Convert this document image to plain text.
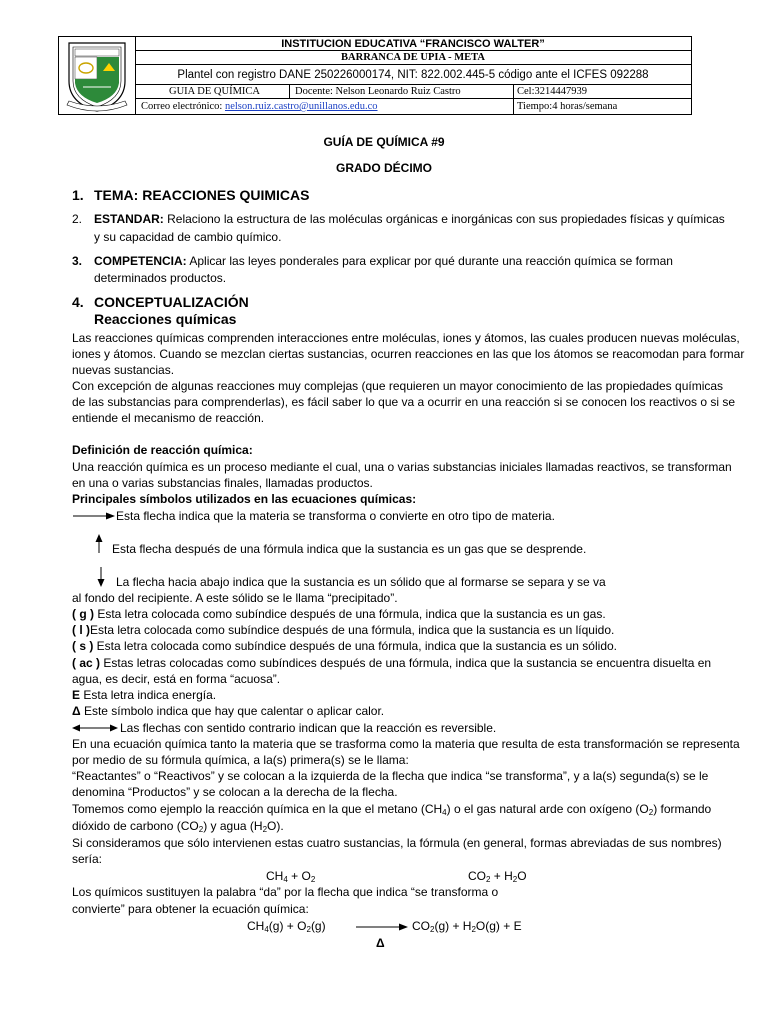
INSTITUCION EDUCATIVA “FRANCISCO WALTER”
BARRANCA DE UPIA - META
Plantel con registro DANE 250226000174, NIT: 822.002.445-5 código ante el ICFES 092288
GUIA DE QUÍMICA	Docente: Nelson Leonardo Ruiz Castro	Cel:3214447939
Correo electrónico: nelson.ruiz.castro@unillanos.edu.co	Tiempo:4 horas/semana
GUÍA DE QUÍMICA #9
GRADO DÉCIMO
1. TEMA: REACCIONES QUIMICAS
2. ESTANDAR: Relaciono la estructura de las moléculas orgánicas e inorgánicas con sus propiedades físicas y químicas
y su capacidad de cambio químico.
3. COMPETENCIA: Aplicar las leyes ponderales para explicar por qué durante una reacción química se forman
determinados productos.
4. CONCEPTUALIZACIÓN
Reacciones químicas
Las reacciones químicas comprenden interacciones entre moléculas, iones y átomos, las cuales producen nuevas moléculas,
iones y átomos. Cuando se mezclan ciertas sustancias, ocurren reacciones en las que los átomos se reacomodan para formar
nuevas sustancias.
Con excepción de algunas reacciones muy complejas (que requieren un mayor conocimiento de las propiedades químicas
de las substancias para comprenderlas), es fácil saber lo que va a ocurrir en una reacción si se conocen los reactivos o si se
entiende el mecanismo de reacción.
Definición de reacción química:
Una reacción química es un proceso mediante el cual, una o varias substancias iniciales llamadas reactivos, se transforman
en una o varias substancias finales, llamadas productos.
Principales símbolos utilizados en las ecuaciones químicas:
Esta flecha indica que la materia se transforma o convierte en otro tipo de materia.
Esta flecha después de una fórmula indica que la sustancia es un gas que se desprende.
La flecha hacia abajo indica que la sustancia es un sólido que al formarse se separa y se va
al fondo del recipiente. A este sólido se le llama “precipitado”.
( g ) Esta letra colocada como subíndice después de una fórmula, indica que la sustancia es un gas.
( l )Esta letra colocada como subíndice después de una fórmula, indica que la sustancia es un líquido.
( s ) Esta letra colocada como subíndice después de una fórmula, indica que la sustancia es un sólido.
( ac ) Estas letras colocadas como subíndices después de una fórmula, indica que la sustancia se encuentra disuelta en
agua, es decir, está en forma “acuosa”.
E Esta letra indica energía.
Δ Este símbolo indica que hay que calentar o aplicar calor.
Las flechas con sentido contrario indican que la reacción es reversible.
En una ecuación química tanto la materia que se trasforma como la materia que resulta de esta transformación se representa
por medio de su fórmula química, a la(s) primera(s) se le llama:
“Reactantes” o “Reactivos” y se colocan a la izquierda de la flecha que indica “se transforma”, y a la(s) segunda(s) se le
denomina “Productos” y se colocan a la derecha de la flecha.
Tomemos como ejemplo la reacción química en la que el metano $(CH_4)$ o el gas natural arde con oxígeno $(O_2)$ formando
dióxido de carbono $(CO_2)$ y agua $(H_2O)$.
Si consideramos que sólo intervienen estas cuatro sustancias, la fórmula (en general, formas abreviadas de sus nombres)
sería:
$CH_4 + O_2$	$CO_2 + H_2O$
Los químicos sustituyen la palabra “da” por la flecha que indica “se transforma o
convierte” para obtener la ecuación química:
$CH_4(g) + O_2(g) \to CO_2(g) + H_2O(g) + E$
Δ
